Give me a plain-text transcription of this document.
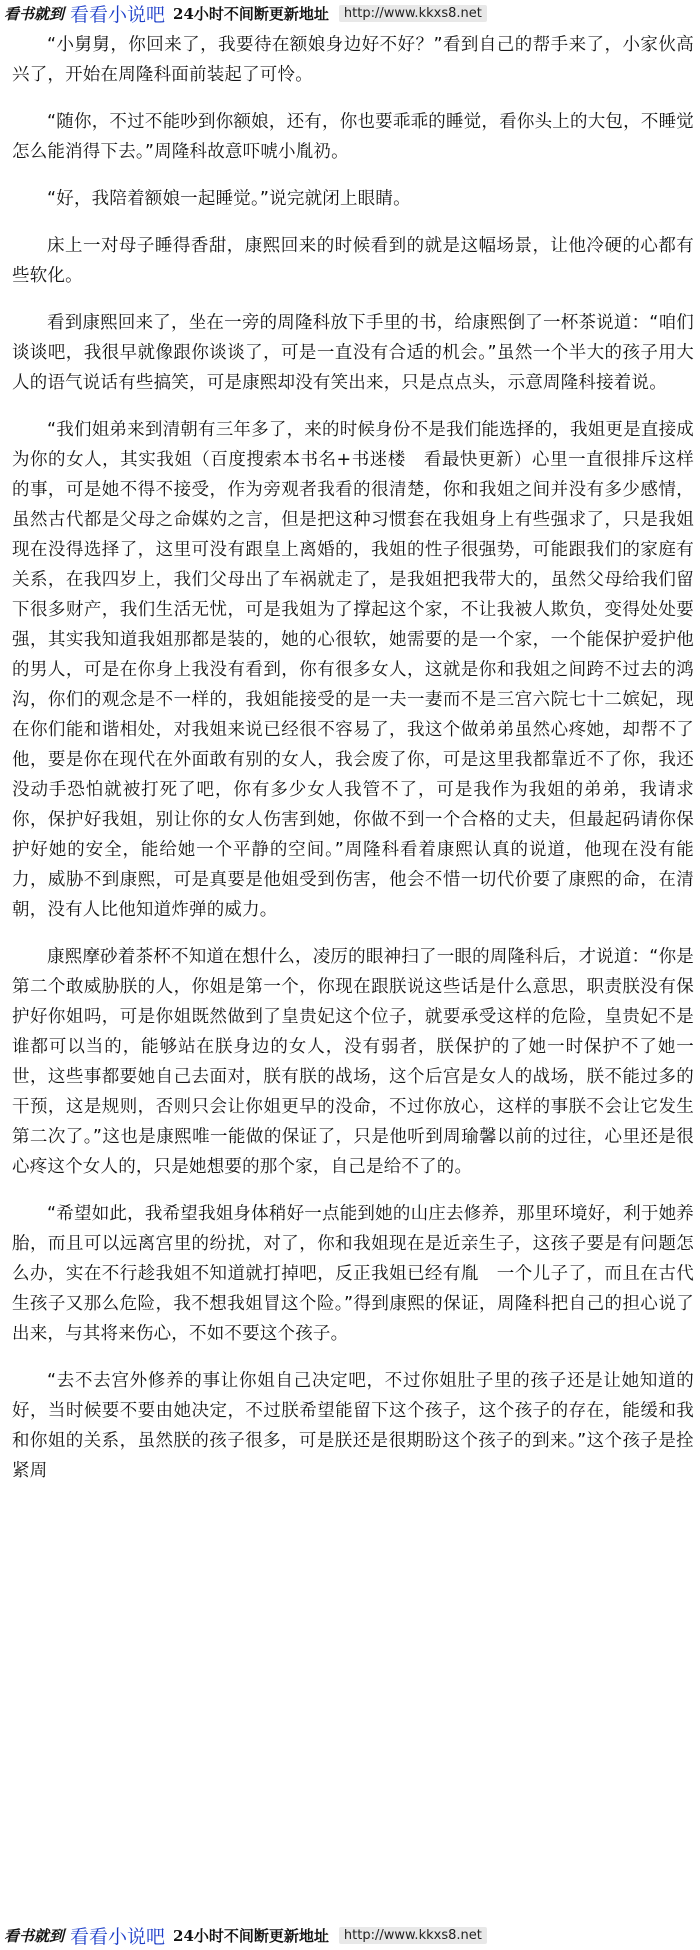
看书就到 看看小说吧 24小时不间断更新地址	http://www.kkxs8.net

“小舅舅，你回来了，我要待在额娘身边好不好？”看到自己的帮手来了，小家伙高兴了，开始在周隆科面前装起了可怜。

“随你，不过不能吵到你额娘，还有，你也要乖乖的睡觉，看你头上的大包，不睡觉怎么能消得下去。”周隆科故意吓唬小胤礽。

“好，我陪着额娘一起睡觉。”说完就闭上眼睛。

床上一对母子睡得香甜，康熙回来的时候看到的就是这幅场景，让他冷硬的心都有些软化。

看到康熙回来了，坐在一旁的周隆科放下手里的书，给康熙倒了一杯茶说道：“咱们谈谈吧，我很早就像跟你谈谈了，可是一直没有合适的机会。”虽然一个半大的孩子用大人的语气说话有些搞笑，可是康熙却没有笑出来，只是点点头，示意周隆科接着说。

“我们姐弟来到清朝有三年多了，来的时候身份不是我们能选择的，我姐更是直接成为你的女人，其实我姐（百度搜索本书名+书迷楼　看最快更新）心里一直很排斥这样的事，可是她不得不接受，作为旁观者我看的很清楚，你和我姐之间并没有多少感情，虽然古代都是父母之命媒妁之言，但是把这种习惯套在我姐身上有些强求了，只是我姐现在没得选择了，这里可没有跟皇上离婚的，我姐的性子很强势，可能跟我们的家庭有关系，在我四岁上，我们父母出了车祸就走了，是我姐把我带大的，虽然父母给我们留下很多财产，我们生活无忧，可是我姐为了撑起这个家，不让我被人欺负，变得处处要强，其实我知道我姐那都是装的，她的心很软，她需要的是一个家，一个能保护爱护他的男人，可是在你身上我没有看到，你有很多女人，这就是你和我姐之间跨不过去的鸿沟，你们的观念是不一样的，我姐能接受的是一夫一妻而不是三宫六院七十二嫔妃，现在你们能和谐相处，对我姐来说已经很不容易了，我这个做弟弟虽然心疼她，却帮不了他，要是你在现代在外面敢有别的女人，我会废了你，可是这里我都靠近不了你，我还没动手恐怕就被打死了吧，你有多少女人我管不了，可是我作为我姐的弟弟，我请求你，保护好我姐，别让你的女人伤害到她，你做不到一个合格的丈夫，但最起码请你保护好她的安全，能给她一个平静的空间。”周隆科看着康熙认真的说道，他现在没有能力，威胁不到康熙，可是真要是他姐受到伤害，他会不惜一切代价要了康熙的命，在清朝，没有人比他知道炸弹的威力。

康熙摩砂着茶杯不知道在想什么，凌厉的眼神扫了一眼的周隆科后，才说道：“你是第二个敢威胁朕的人，你姐是第一个，你现在跟朕说这些话是什么意思，职责朕没有保护好你姐吗，可是你姐既然做到了皇贵妃这个位子，就要承受这样的危险，皇贵妃不是谁都可以当的，能够站在朕身边的女人，没有弱者，朕保护的了她一时保护不了她一世，这些事都要她自己去面对，朕有朕的战场，这个后宫是女人的战场，朕不能过多的干预，这是规则，否则只会让你姐更早的没命，不过你放心，这样的事朕不会让它发生第二次了。”这也是康熙唯一能做的保证了，只是他听到周瑜馨以前的过往，心里还是很心疼这个女人的，只是她想要的那个家，自己是给不了的。

“希望如此，我希望我姐身体稍好一点能到她的山庄去修养，那里环境好，利于她养胎，而且可以远离宫里的纷扰，对了，你和我姐现在是近亲生子，这孩子要是有问题怎么办，实在不行趁我姐不知道就打掉吧，反正我姐已经有胤　一个儿子了，而且在古代生孩子又那么危险，我不想我姐冒这个险。”得到康熙的保证，周隆科把自己的担心说了出来，与其将来伤心，不如不要这个孩子。

“去不去宫外修养的事让你姐自己决定吧，不过你姐肚子里的孩子还是让她知道的好，当时候要不要由她决定，不过朕希望能留下这个孩子，这个孩子的存在，能缓和我和你姐的关系，虽然朕的孩子很多，可是朕还是很期盼这个孩子的到来。”这个孩子是拴紧周

看书就到 看看小说吧 24小时不间断更新地址	http://www.kkxs8.net
